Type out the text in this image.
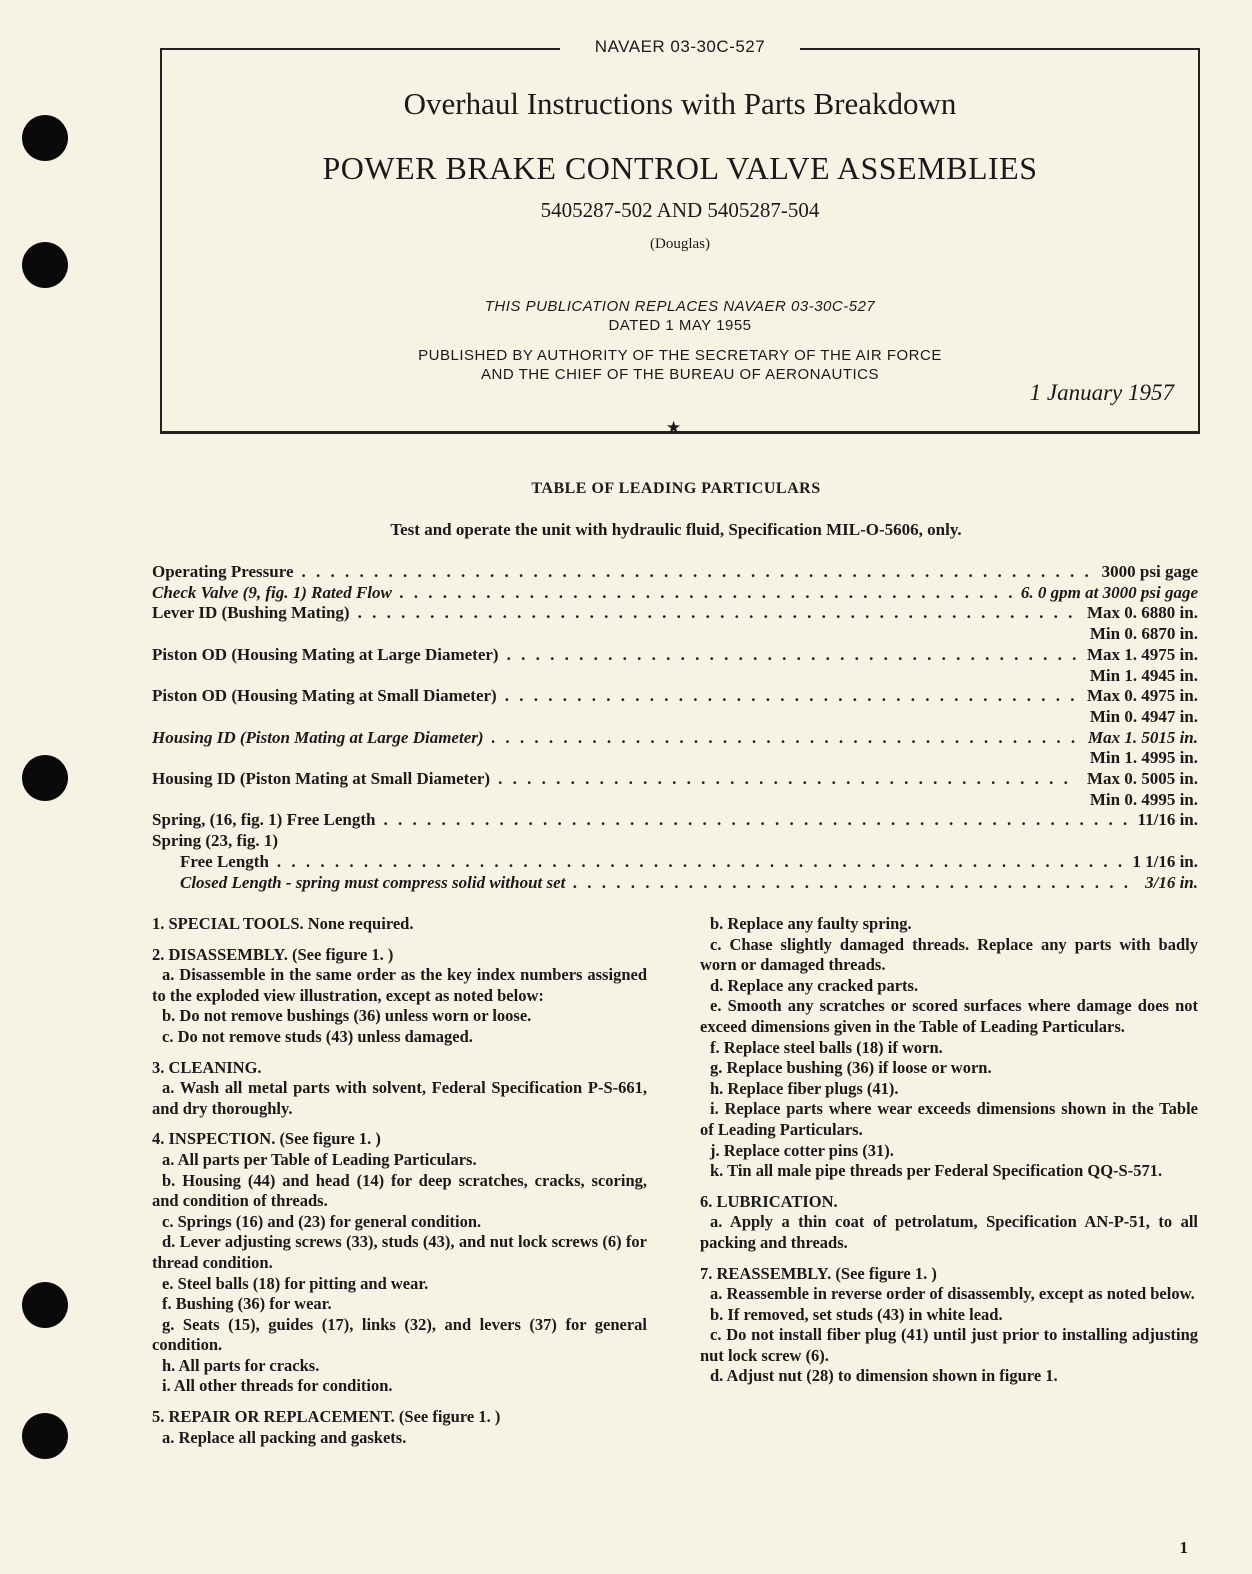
NAVAER 03-30C-527
Overhaul Instructions with Parts Breakdown
POWER BRAKE CONTROL VALVE ASSEMBLIES
5405287-502 AND 5405287-504
(Douglas)
THIS PUBLICATION REPLACES NAVAER 03-30C-527
DATED 1 MAY 1955
PUBLISHED BY AUTHORITY OF THE SECRETARY OF THE AIR FORCE
AND THE CHIEF OF THE BUREAU OF AERONAUTICS
1 January 1957
★
TABLE OF LEADING PARTICULARS
Test and operate the unit with hydraulic fluid, Specification MIL-O-5606, only.
Operating Pressure . . .	3000 psi gage
Check Valve (9, fig. 1) Rated Flow . . .	6. 0 gpm at 3000 psi gage
Lever ID (Bushing Mating) . . .	Max 0. 6880 in.
Min 0. 6870 in.
Piston OD (Housing Mating at Large Diameter) . . .	Max 1. 4975 in.
Min 1. 4945 in.
Piston OD (Housing Mating at Small Diameter) . . .	Max 0. 4975 in.
Min 0. 4947 in.
Housing ID (Piston Mating at Large Diameter) . . .	Max 1. 5015 in.
Min 1. 4995 in.
Housing ID (Piston Mating at Small Diameter) . . .	Max 0. 5005 in.
Min 0. 4995 in.
Spring, (16, fig. 1) Free Length . . .	11/16 in.
Spring (23, fig. 1)
Free Length . . .	1 1/16 in.
Closed Length - spring must compress solid without set . . .	3/16 in.

1. SPECIAL TOOLS. None required.

2. DISASSEMBLY. (See figure 1. )

a. Disassemble in the same order as the key index numbers assigned to the exploded view illustration, except as noted below:

b. Do not remove bushings (36) unless worn or loose.

c. Do not remove studs (43) unless damaged.

3. CLEANING.

a. Wash all metal parts with solvent, Federal Specification P-S-661, and dry thoroughly.

4. INSPECTION. (See figure 1. )

a. All parts per Table of Leading Particulars.

b. Housing (44) and head (14) for deep scratches, cracks, scoring, and condition of threads.

c. Springs (16) and (23) for general condition.

d. Lever adjusting screws (33), studs (43), and nut lock screws (6) for thread condition.

e. Steel balls (18) for pitting and wear.

f. Bushing (36) for wear.

g. Seats (15), guides (17), links (32), and levers (37) for general condition.

h. All parts for cracks.

i. All other threads for condition.

5. REPAIR OR REPLACEMENT. (See figure 1. )

a. Replace all packing and gaskets.

b. Replace any faulty spring.

c. Chase slightly damaged threads. Replace any parts with badly worn or damaged threads.

d. Replace any cracked parts.

e. Smooth any scratches or scored surfaces where damage does not exceed dimensions given in the Table of Leading Particulars.

f. Replace steel balls (18) if worn.

g. Replace bushing (36) if loose or worn.

h. Replace fiber plugs (41).

i. Replace parts where wear exceeds dimensions shown in the Table of Leading Particulars.

j. Replace cotter pins (31).

k. Tin all male pipe threads per Federal Specification QQ-S-571.

6. LUBRICATION.

a. Apply a thin coat of petrolatum, Specification AN-P-51, to all packing and threads.

7. REASSEMBLY. (See figure 1. )

a. Reassemble in reverse order of disassembly, except as noted below.

b. If removed, set studs (43) in white lead.

c. Do not install fiber plug (41) until just prior to installing adjusting nut lock screw (6).

d. Adjust nut (28) to dimension shown in figure 1.

1
